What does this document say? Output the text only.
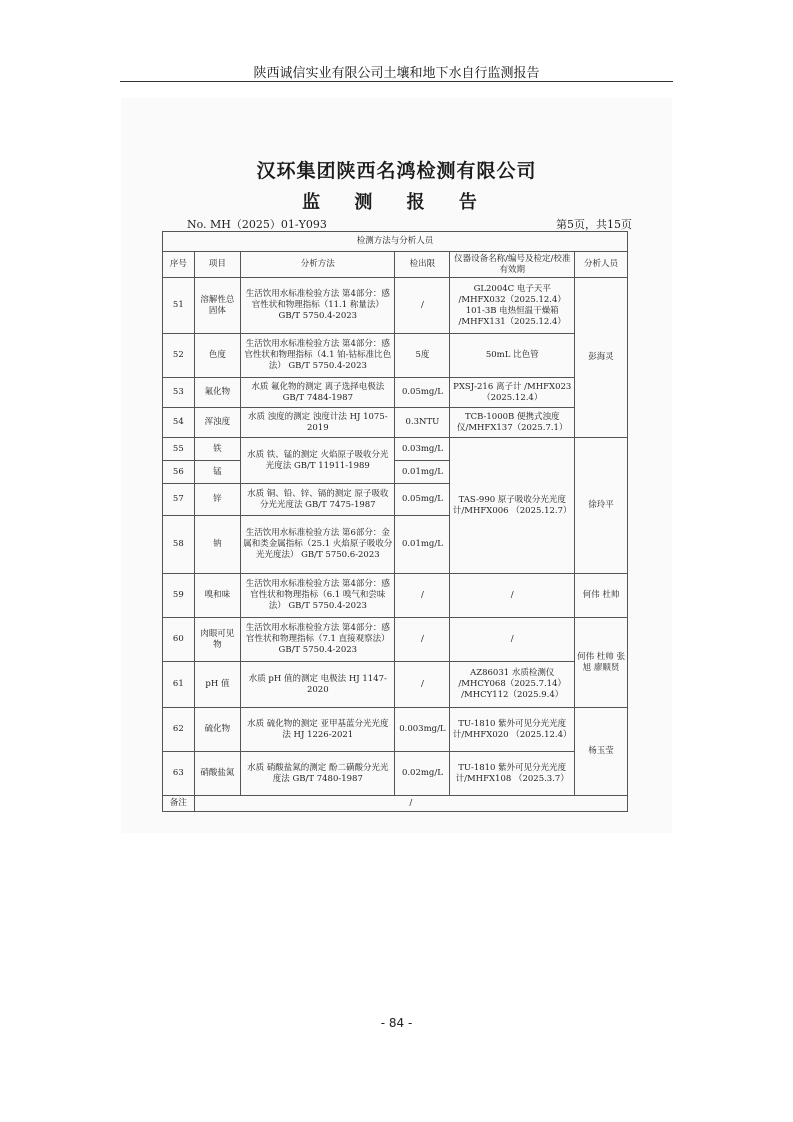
陕西诚信实业有限公司土壤和地下水自行监测报告
汉环集团陕西名鸿检测有限公司
监 测 报 告
No. MH（2025）01-Y093	第5页，共15页
检测方法与分析人员					
序号	项目	分析方法	检出限	仪器设备名称/编号及检定/校准有效期	分析人员
51	溶解性总固体	生活饮用水标准检验方法 第4部分：感官性状和物理指标（11.1 称量法） GB/T 5750.4-2023	/	GL2004C 电子天平 /MHFX032（2025.12.4） 101-3B 电热恒温干燥箱 /MHFX131（2025.12.4）	彭海灵
52	色度	生活饮用水标准检验方法 第4部分：感官性状和物理指标（4.1 铂-钴标准比色法） GB/T 5750.4-2023	5度	50mL 比色管	
53	氟化物	水质 氟化物的测定 离子选择电极法 GB/T 7484-1987	0.05mg/L	PXSJ-216 离子计 /MHFX023（2025.12.4）	
54	浑浊度	水质 浊度的测定 浊度计法 HJ 1075-2019	0.3NTU	TCB-1000B 便携式浊度仪/MHFX137（2025.7.1）	
55	铁	水质 铁、锰的测定 火焰原子吸收分光光度法 GB/T 11911-1989	0.03mg/L	TAS-990 原子吸收分光光度计/MHFX006 （2025.12.7）	徐玲平
56	锰		0.01mg/L		
57	锌	水质 铜、铅、锌、镉的测定 原子吸收分光光度法 GB/T 7475-1987	0.05mg/L		
58	钠	生活饮用水标准检验方法 第6部分：金属和类金属指标（25.1 火焰原子吸收分光光度法） GB/T 5750.6-2023	0.01mg/L		
59	嗅和味	生活饮用水标准检验方法 第4部分：感官性状和物理指标（6.1 嗅气和尝味法） GB/T 5750.4-2023	/	/	何伟 杜帅
60	肉眼可见物	生活饮用水标准检验方法 第4部分：感官性状和物理指标（7.1 直接观察法） GB/T 5750.4-2023	/	/	何伟 杜帅 张旭 廖顺贤
61	pH 值	水质 pH 值的测定 电极法 HJ 1147-2020	/	AZ86031 水质检测仪 /MHCY068（2025.7.14） /MHCY112（2025.9.4）	
62	硫化物	水质 硫化物的测定 亚甲基蓝分光光度法 HJ 1226-2021	0.003mg/L	TU-1810 紫外可见分光光度计/MHFX020 （2025.12.4）	杨玉莹
63	硝酸盐氮	水质 硝酸盐氮的测定 酚二磺酸分光光度法 GB/T 7480-1987	0.02mg/L	TU-1810 紫外可见分光光度计/MHFX108 （2025.3.7）	
备注	/				
- 84 -
